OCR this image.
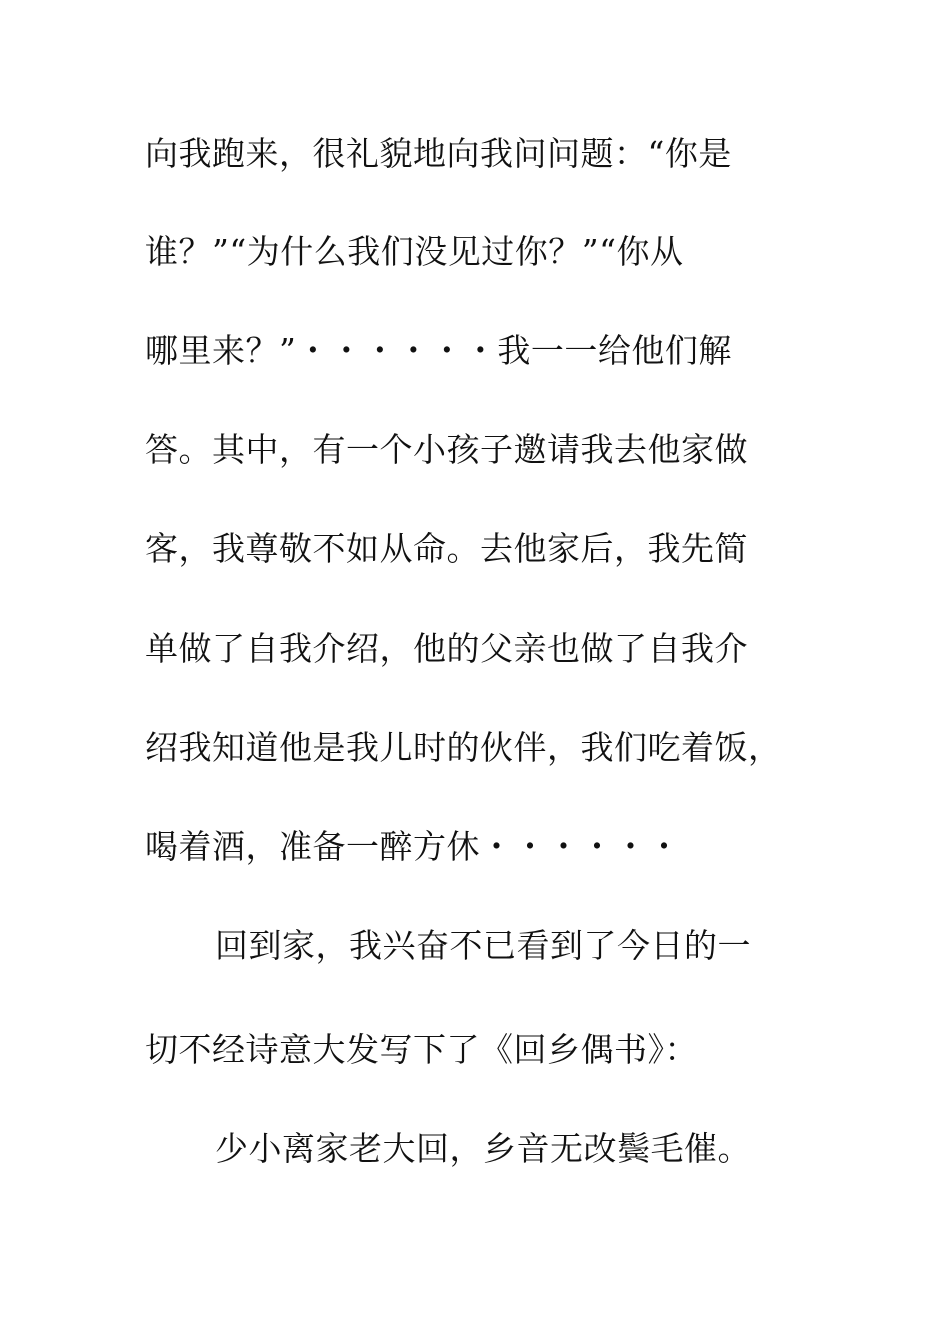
向我跑来，很礼貌地向我问问题：“你是
谁？”“为什么我们没见过你？”“你从
哪里来？”・・・・・・我一一给他们解
答。其中，有一个小孩子邀请我去他家做
客，我尊敬不如从命。去他家后，我先简
单做了自我介绍，他的父亲也做了自我介
绍我知道他是我儿时的伙伴，我们吃着饭，
喝着酒，准备一醉方休・・・・・・
回到家，我兴奋不已看到了今日的一
切不经诗意大发写下了《回乡偶书》：
少小离家老大回，乡音无改鬓毛催。
